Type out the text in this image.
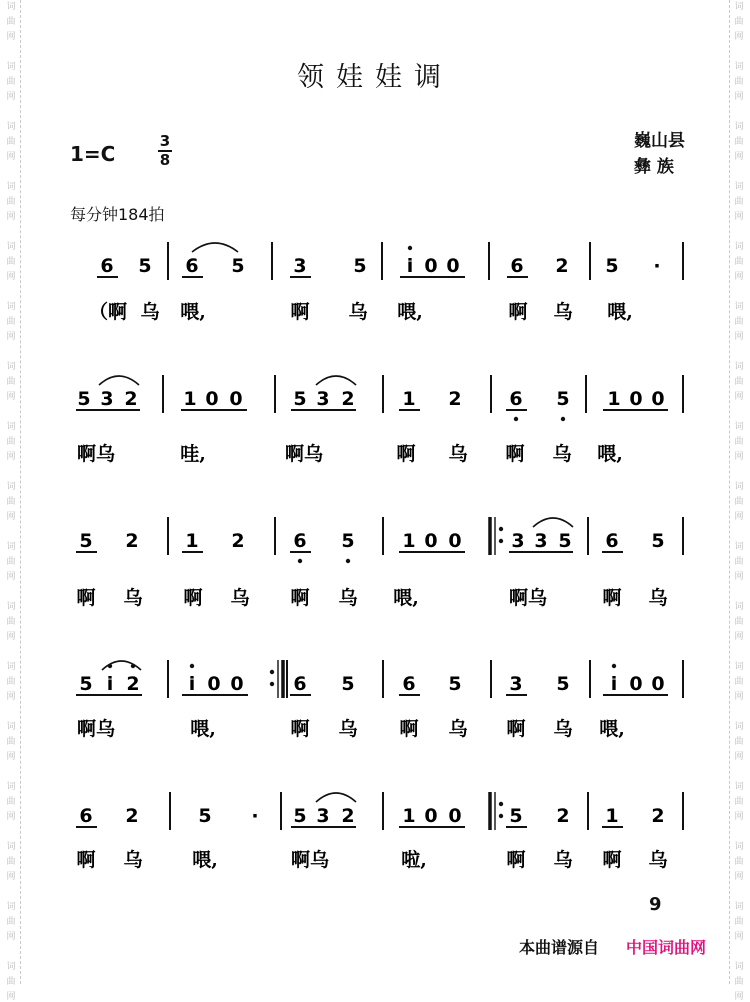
词
曲
网
词
曲
网
词
曲
网
词
曲
网
词
曲
网
词
曲
网
词
曲
网
词
曲
网
词
曲
网
词
曲
网
词
曲
网
词
曲
网
词
曲
网
词
曲
网
词
曲
网
词
曲
网
词
曲
网
词
曲
网
词
曲
网
词
曲
网
词
曲
网
词
曲
网
词
曲
网
词
曲
网
词
曲
网
词
曲
网
词
曲
网
词
曲
网
词
曲
网
词
曲
网
词
曲
网
词
曲
网
词
曲
网
词
曲
网
领娃娃调
1=C
3
8
巍山县
彝 族
每分钟184拍
6 5 6 5	3 5 i 0 0	6 2 5 ·
（啊 乌 喂,	啊 乌 喂,	啊 乌 喂,
5 3 2 1 0 0	5 3 2	1 2	6 5 1 0 0
啊乌	哇,	啊乌	啊 乌 啊 乌 喂,
5 2 1 2	6 5	1 0 0	3 3 5 6 5
啊 乌 啊 乌 啊 乌 喂,	啊乌	啊 乌
5 i 2	i 0 0	6 5	6 5	3 5 i 0 0
啊乌	喂,	啊 乌 啊 乌 啊 乌 喂,
6 2	5 · 5 3 2	1 0 0	5 2 1 2
啊 乌	喂,	啊乌	啦,	啊 乌 啊 乌
9
本曲谱源自 中国词曲网
